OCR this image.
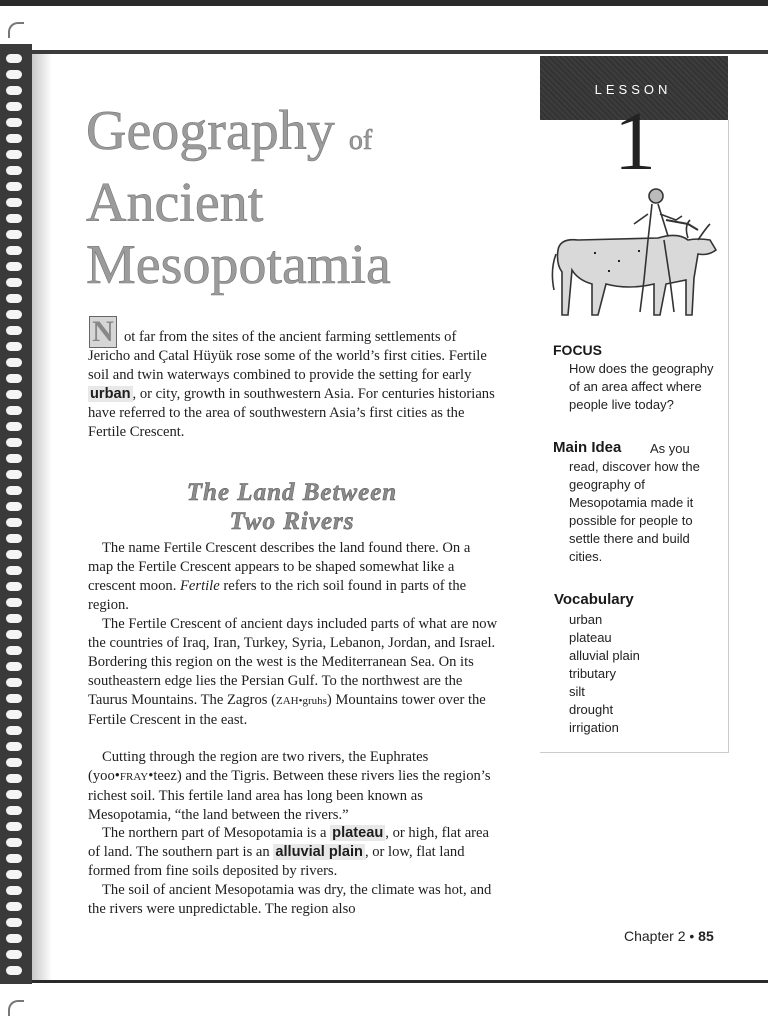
Geography of
Ancient
Mesopotamia
LESSON
1
FOCUS
How does the geography of an area affect where people live today?
Main Idea	As you read, discover how the geography of Mesopotamia made it possible for people to settle there and build cities.
Vocabulary
urban
plateau
alluvial plain
tributary
silt
drought
irrigation
N ot far from the sites of the ancient farming settlements of Jericho and Çatal Hüyük rose some of the world’s first cities. Fertile soil and twin waterways combined to provide the setting for early urban , or city, growth in southwestern Asia. For centuries historians have referred to the area of southwestern Asia’s first cities as the Fertile Crescent.

The Land Between
Two Rivers

The name Fertile Crescent describes the land found there. On a map the Fertile Crescent appears to be shaped somewhat like a crescent moon. Fertile refers to the rich soil found in parts of the region.

The Fertile Crescent of ancient days included parts of what are now the countries of Iraq, Iran, Turkey, Syria, Lebanon, Jordan, and Israel. Bordering this region on the west is the Mediterranean Sea. On its southeastern edge lies the Persian Gulf. To the northwest are the Taurus Mountains. The Zagros (ZAH•gruhs) Mountains tower over the Fertile Crescent in the east.

Cutting through the region are two rivers, the Euphrates (yoo•FRAY•teez) and the Tigris. Between these rivers lies the region’s richest soil. This fertile land area has long been known as Mesopotamia, “the land between the rivers.”

The northern part of Mesopotamia is a plateau , or high, flat area of land. The southern part is an alluvial plain , or low, flat land formed from fine soils deposited by rivers.

The soil of ancient Mesopotamia was dry, the climate was hot, and the rivers were unpredictable. The region also

Chapter 2 • 85
